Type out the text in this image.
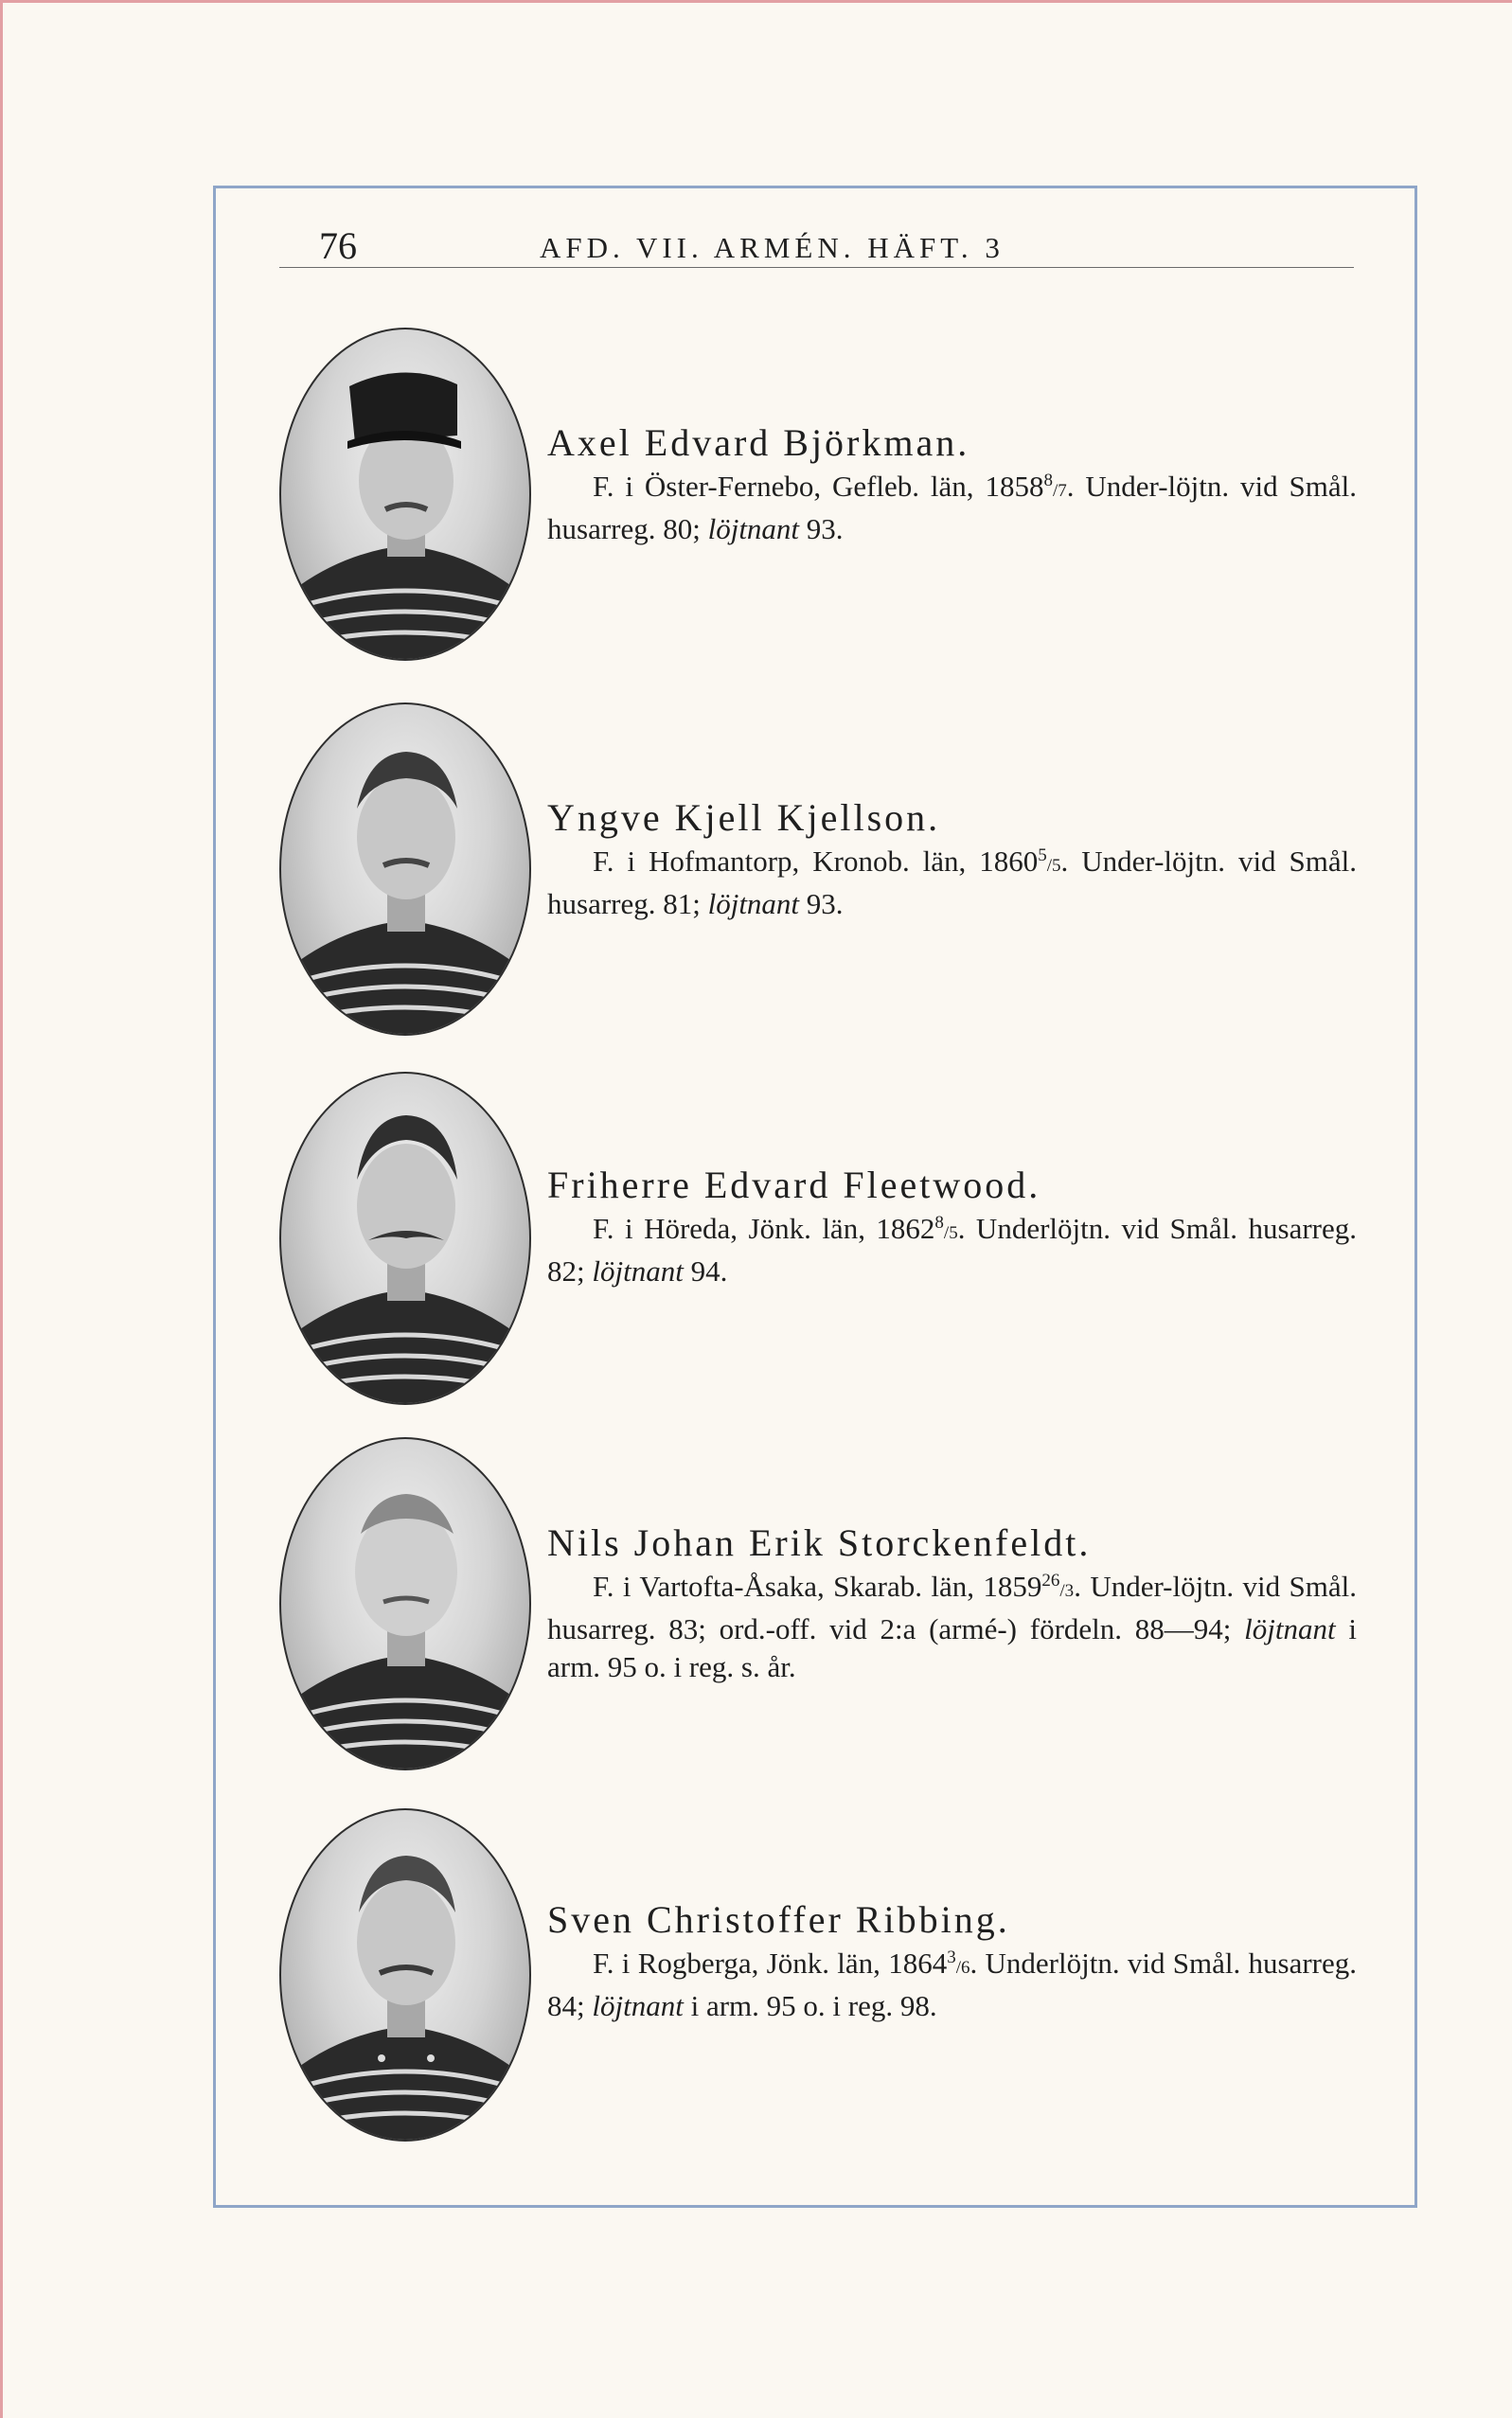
76	AFD. VII. ARMÉN. HÄFT. 3
Axel Edvard Björkman.

F. i Öster-Fernebo, Gefleb. län, 1858$^8$/7. Under-löjtn. vid Smål. husarreg. 80; löjtnant 93.

Yngve Kjell Kjellson.

F. i Hofmantorp, Kronob. län, 1860$^5$/5. Under-löjtn. vid Smål. husarreg. 81; löjtnant 93.

Friherre Edvard Fleetwood.

F. i Höreda, Jönk. län, 1862$^8$/5. Underlöjtn. vid Smål. husarreg. 82; löjtnant 94.

Nils Johan Erik Storckenfeldt.

F. i Vartofta-Åsaka, Skarab. län, 1859$^{26}$/3. Under-löjtn. vid Smål. husarreg. 83; ord.-off. vid 2:a (armé-) fördeln. 88—94; löjtnant i arm. 95 o. i reg. s. år.

Sven Christoffer Ribbing.

F. i Rogberga, Jönk. län, 1864$^3$/6. Underlöjtn. vid Smål. husarreg. 84; löjtnant i arm. 95 o. i reg. 98.
